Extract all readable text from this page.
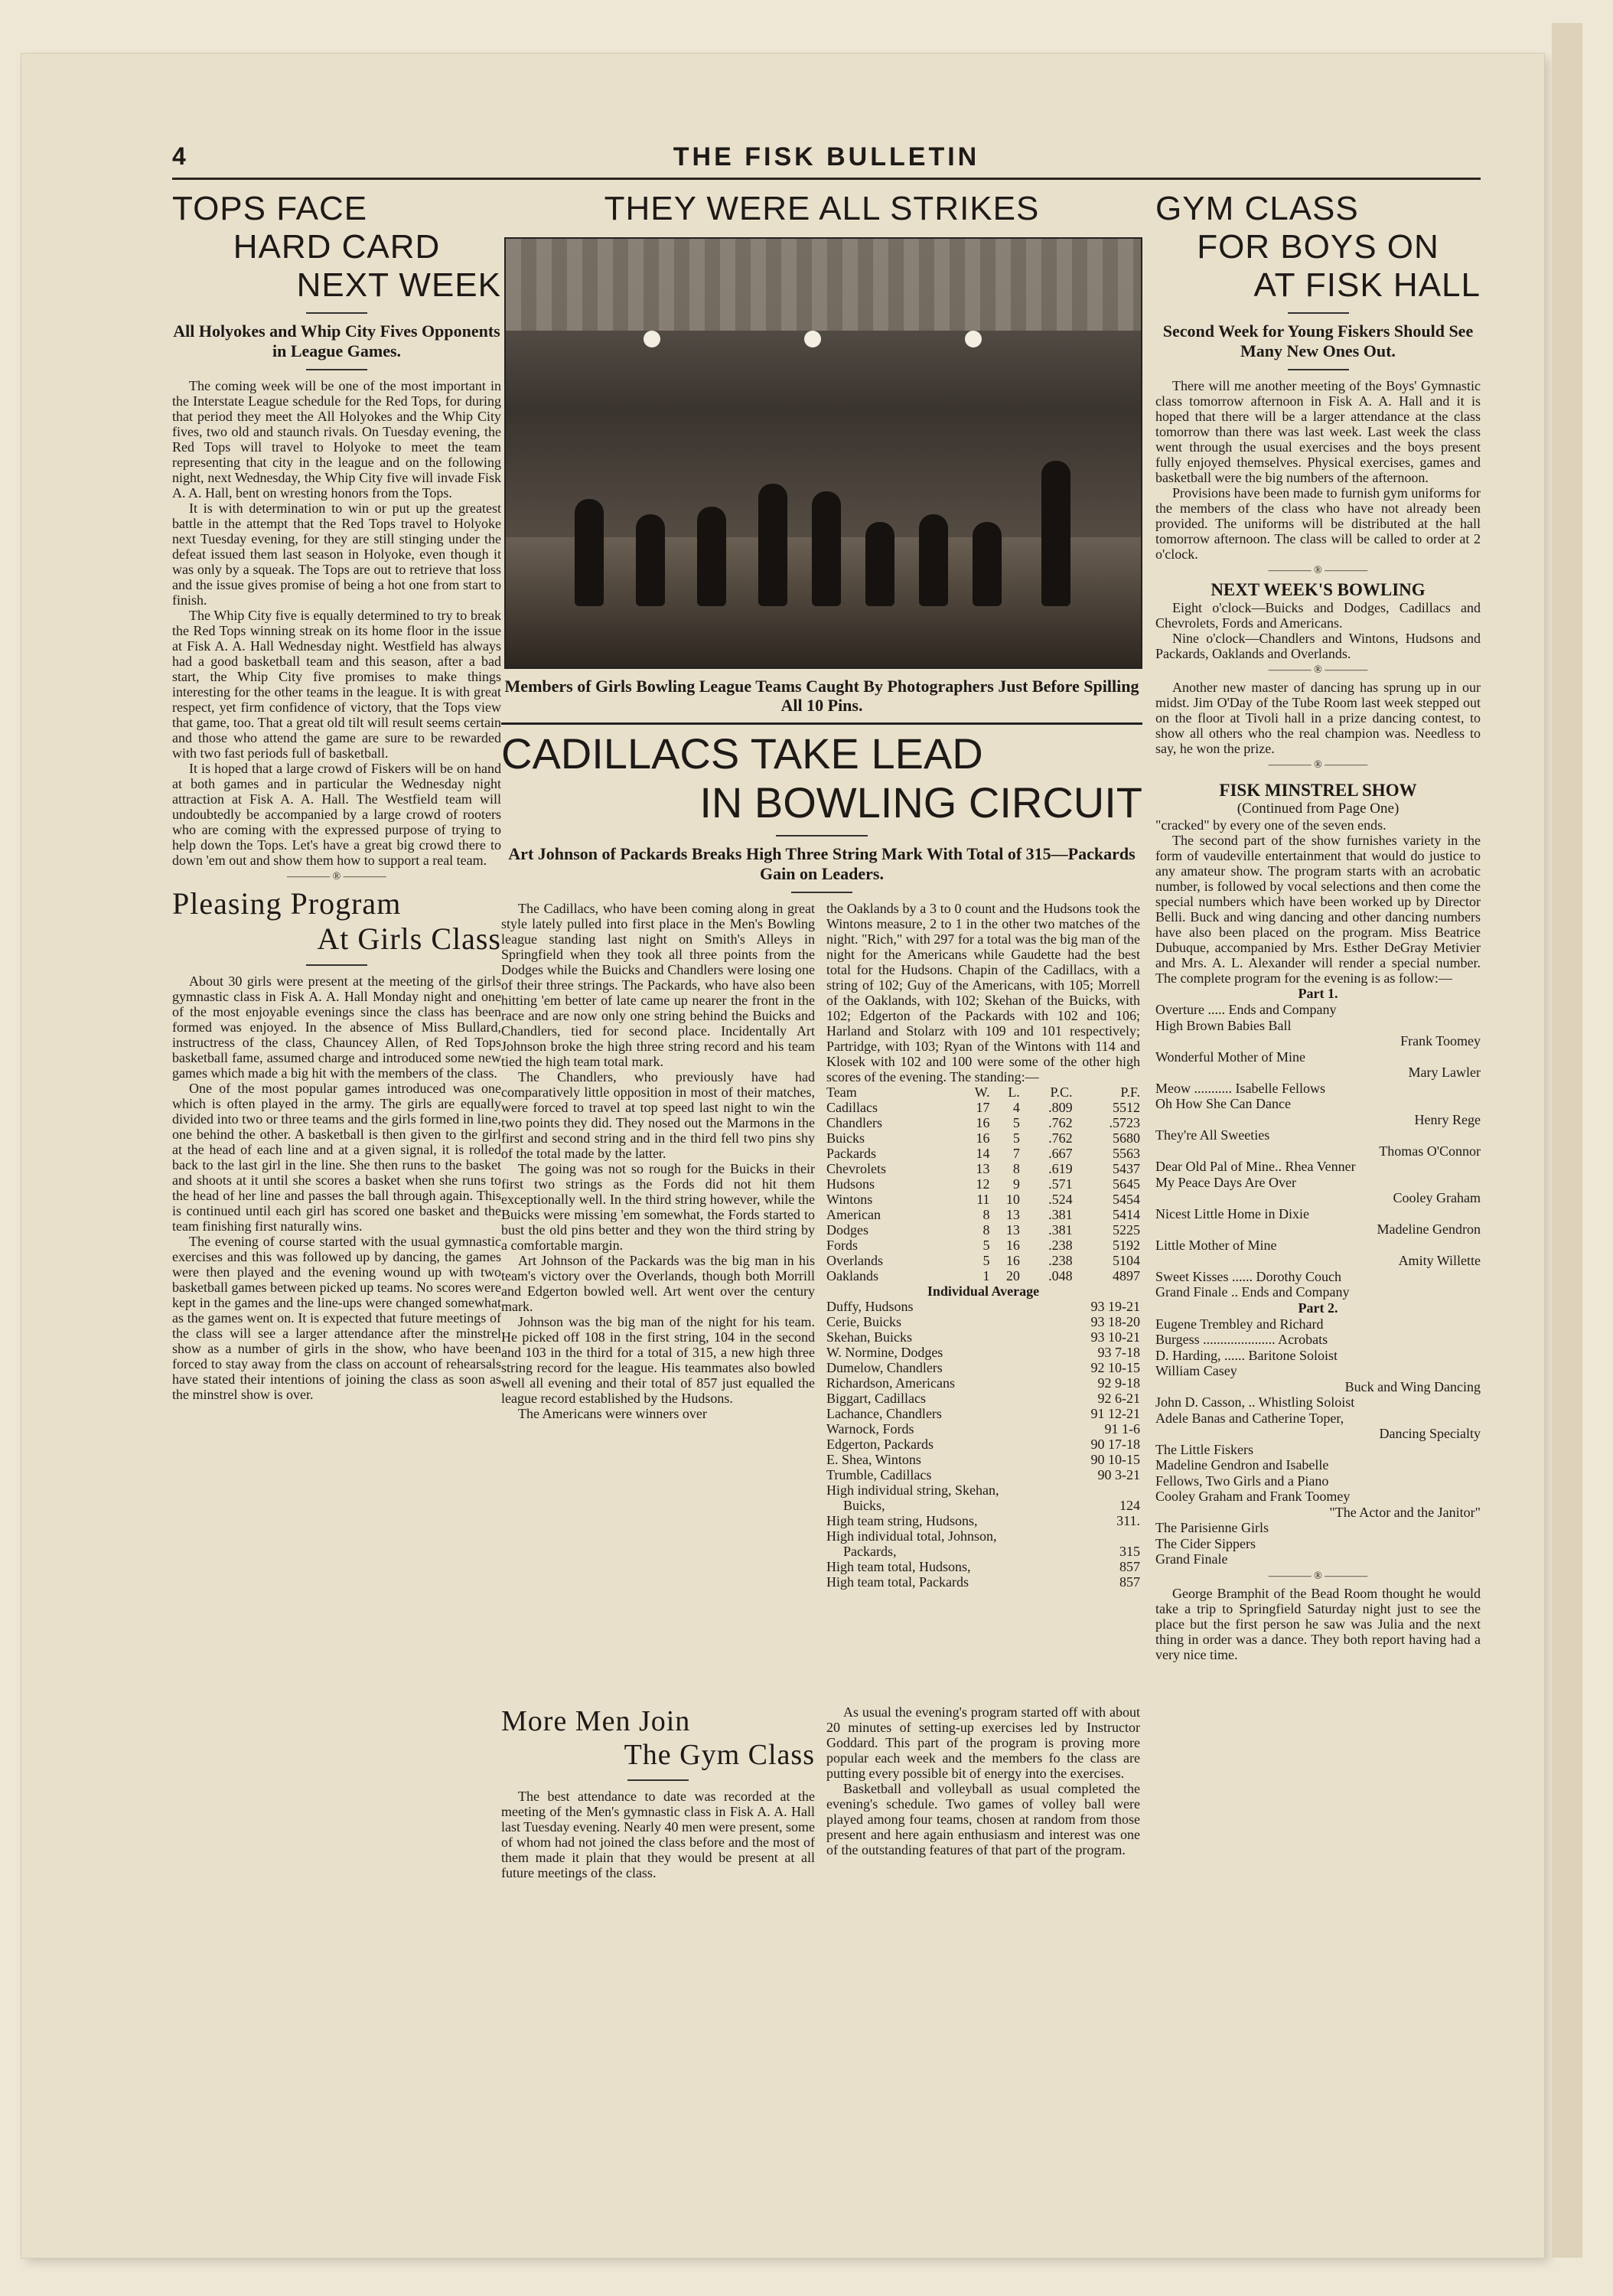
4	THE FISK BULLETIN
TOPS FACE
HARD CARD
NEXT WEEK
All Holyokes and Whip City Fives Opponents in League Games.

The coming week will be one of the most important in the Interstate League schedule for the Red Tops, for during that period they meet the All Holyokes and the Whip City fives, two old and staunch rivals. On Tuesday evening, the Red Tops will travel to Holyoke to meet the team representing that city in the league and on the following night, next Wednesday, the Whip City five will invade Fisk A. A. Hall, bent on wresting honors from the Tops.

It is with determination to win or put up the greatest battle in the attempt that the Red Tops travel to Holyoke next Tuesday evening, for they are still stinging under the defeat issued them last season in Holyoke, even though it was only by a squeak. The Tops are out to retrieve that loss and the issue gives promise of being a hot one from start to finish.

The Whip City five is equally determined to try to break the Red Tops winning streak on its home floor in the issue at Fisk A. A. Hall Wednesday night. Westfield has always had a good basketball team and this season, after a bad start, the Whip City five promises to make things interesting for the other teams in the league. It is with great respect, yet firm confidence of victory, that the Tops view that game, too. That a great old tilt will result seems certain and those who attend the game are sure to be rewarded with two fast periods full of basketball.

It is hoped that a large crowd of Fiskers will be on hand at both games and in particular the Wednesday night attraction at Fisk A. A. Hall. The Westfield team will undoubtedly be accompanied by a large crowd of rooters who are coming with the expressed purpose of trying to help down the Tops. Let's have a great big crowd there to down 'em out and show them how to support a real team.

———— ® ————
Pleasing Program
At Girls Class

About 30 girls were present at the meeting of the girls gymnastic class in Fisk A. A. Hall Monday night and one of the most enjoyable evenings since the class has been formed was enjoyed. In the absence of Miss Bullard, instructress of the class, Chauncey Allen, of Red Tops basketball fame, assumed charge and introduced some new games which made a big hit with the members of the class.

One of the most popular games introduced was one which is often played in the army. The girls are equally divided into two or three teams and the girls formed in line, one behind the other. A basketball is then given to the girl at the head of each line and at a given signal, it is rolled back to the last girl in the line. She then runs to the basket and shoots at it until she scores a basket when she runs to the head of her line and passes the ball through again. This is continued until each girl has scored one basket and the team finishing first naturally wins.

The evening of course started with the usual gymnastic exercises and this was followed up by dancing, the games were then played and the evening wound up with two basketball games between picked up teams. No scores were kept in the games and the line-ups were changed somewhat as the games went on. It is expected that future meetings of the class will see a larger attendance after the minstrel show as a number of girls in the show, who have been forced to stay away from the class on account of rehearsals have stated their intentions of joining the class as soon as the minstrel show is over.

THEY WERE ALL STRIKES
Members of Girls Bowling League Teams Caught By Photographers Just Before Spilling All 10 Pins.
CADILLACS TAKE LEAD
IN BOWLING CIRCUIT
Art Johnson of Packards Breaks High Three String Mark With Total of 315—Packards Gain on Leaders.

The Cadillacs, who have been coming along in great style lately pulled into first place in the Men's Bowling league standing last night on Smith's Alleys in Springfield when they took all three points from the Dodges while the Buicks and Chandlers were losing one of their three strings. The Packards, who have also been hitting 'em better of late came up nearer the front in the race and are now only one string behind the Buicks and Chandlers, tied for second place. Incidentally Art Johnson broke the high three string record and his team tied the high team total mark.

The Chandlers, who previously have had comparatively little opposition in most of their matches, were forced to travel at top speed last night to win the two points they did. They nosed out the Marmons in the first and second string and in the third fell two pins shy of the total made by the latter.

The going was not so rough for the Buicks in their first two strings as the Fords did not hit them exceptionally well. In the third string however, while the Buicks were missing 'em somewhat, the Fords started to bust the old pins better and they won the third string by a comfortable margin.

Art Johnson of the Packards was the big man in his team's victory over the Overlands, though both Morrill and Edgerton bowled well. Art went over the century mark.

Johnson was the big man of the night for his team. He picked off 108 in the first string, 104 in the second and 103 in the third for a total of 315, a new high three string record for the league. His teammates also bowled well all evening and their total of 857 just equalled the league record established by the Hudsons.

The Americans were winners over

the Oaklands by a 3 to 0 count and the Hudsons took the Wintons measure, 2 to 1 in the other two matches of the night. "Rich," with 297 for a total was the big man of the night for the Americans while Gaudette had the best total for the Hudsons. Chapin of the Cadillacs, with a string of 102; Guy of the Americans, with 105; Morrell of the Oaklands, with 102; Skehan of the Buicks, with 102; Edgerton of the Packards with 102 and 106; Harland and Stolarz with 109 and 101 respectively; Partridge, with 103; Ryan of the Wintons with 114 and Klosek with 102 and 100 were some of the other high scores of the evening. The standing:—

Team	W.	L.	P.C.	P.F.
Cadillacs	17	4	.809	5512
Chandlers	16	5	.762	.5723
Buicks	16	5	.762	5680
Packards	14	7	.667	5563
Chevrolets	13	8	.619	5437
Hudsons	12	9	.571	5645
Wintons	11	10	.524	5454
American	8	13	.381	5414
Dodges	8	13	.381	5225
Fords	5	16	.238	5192
Overlands	5	16	.238	5104
Oaklands	1	20	.048	4897
Individual Average
Duffy, Hudsons	93 19-21
Cerie, Buicks	93 18-20
Skehan, Buicks	93 10-21
W. Normine, Dodges	93 7-18
Dumelow, Chandlers	92 10-15
Richardson, Americans	92 9-18
Biggart, Cadillacs	92 6-21
Lachance, Chandlers	91 12-21
Warnock, Fords	91 1-6
Edgerton, Packards	90 17-18
E. Shea, Wintons	90 10-15
Trumble, Cadillacs	90 3-21
High individual string, Skehan,	
Buicks,	124
High team string, Hudsons,	311.
High individual total, Johnson,	
Packards,	315
High team total, Hudsons,	857
High team total, Packards	857
More Men Join
The Gym Class

The best attendance to date was recorded at the meeting of the Men's gymnastic class in Fisk A. A. Hall last Tuesday evening. Nearly 40 men were present, some of whom had not joined the class before and the most of them made it plain that they would be present at all future meetings of the class.

As usual the evening's program started off with about 20 minutes of setting-up exercises led by Instructor Goddard. This part of the program is proving more popular each week and the members fo the class are putting every possible bit of energy into the exercises.

Basketball and volleyball as usual completed the evening's schedule. Two games of volley ball were played among four teams, chosen at random from those present and here again enthusiasm and interest was one of the outstanding features of that part of the program.

GYM CLASS
FOR BOYS ON
AT FISK HALL
Second Week for Young Fiskers Should See Many New Ones Out.

There will me another meeting of the Boys' Gymnastic class tomorrow afternoon in Fisk A. A. Hall and it is hoped that there will be a larger attendance at the class tomorrow than there was last week. Last week the class went through the usual exercises and the boys present fully enjoyed themselves. Physical exercises, games and basketball were the big numbers of the afternoon.

Provisions have been made to furnish gym uniforms for the members of the class who have not already been provided. The uniforms will be distributed at the hall tomorrow afternoon. The class will be called to order at 2 o'clock.

———— ® ————
NEXT WEEK'S BOWLING

Eight o'clock—Buicks and Dodges, Cadillacs and Chevrolets, Fords and Americans.

Nine o'clock—Chandlers and Wintons, Hudsons and Packards, Oaklands and Overlands.

———— ® ————

Another new master of dancing has sprung up in our midst. Jim O'Day of the Tube Room last week stepped out on the floor at Tivoli hall in a prize dancing contest, to show all others who the real champion was. Needless to say, he won the prize.

———— ® ————
FISK MINSTREL SHOW
(Continued from Page One)

"cracked" by every one of the seven ends.

The second part of the show furnishes variety in the form of vaudeville entertainment that would do justice to any amateur show. The program starts with an acrobatic number, is followed by vocal selections and then come the special numbers which have been worked up by Director Belli. Buck and wing dancing and other dancing numbers have also been placed on the program. Miss Beatrice Dubuque, accompanied by Mrs. Esther DeGray Metivier and Mrs. A. L. Alexander will render a special number. The complete program for the evening is as follow:—

Part 1.
Overture ..... Ends and Company
High Brown Babies Ball
Frank Toomey
Wonderful Mother of Mine
Mary Lawler
Meow ........... Isabelle Fellows
Oh How She Can Dance
Henry Rege
They're All Sweeties
Thomas O'Connor
Dear Old Pal of Mine.. Rhea Venner
My Peace Days Are Over
Cooley Graham
Nicest Little Home in Dixie
Madeline Gendron
Little Mother of Mine
Amity Willette
Sweet Kisses ...... Dorothy Couch
Grand Finale .. Ends and Company
Part 2.
Eugene Trembley and Richard
Burgess ..................... Acrobats
D. Harding, ...... Baritone Soloist
William Casey
Buck and Wing Dancing
John D. Casson, .. Whistling Soloist
Adele Banas and Catherine Toper,
Dancing Specialty
The Little Fiskers
Madeline Gendron and Isabelle
Fellows, Two Girls and a Piano
Cooley Graham and Frank Toomey
"The Actor and the Janitor"
The Parisienne Girls
The Cider Sippers
Grand Finale
———— ® ————

George Bramphit of the Bead Room thought he would take a trip to Springfield Saturday night just to see the place but the first person he saw was Julia and the next thing in order was a dance. They both report having had a very nice time.
